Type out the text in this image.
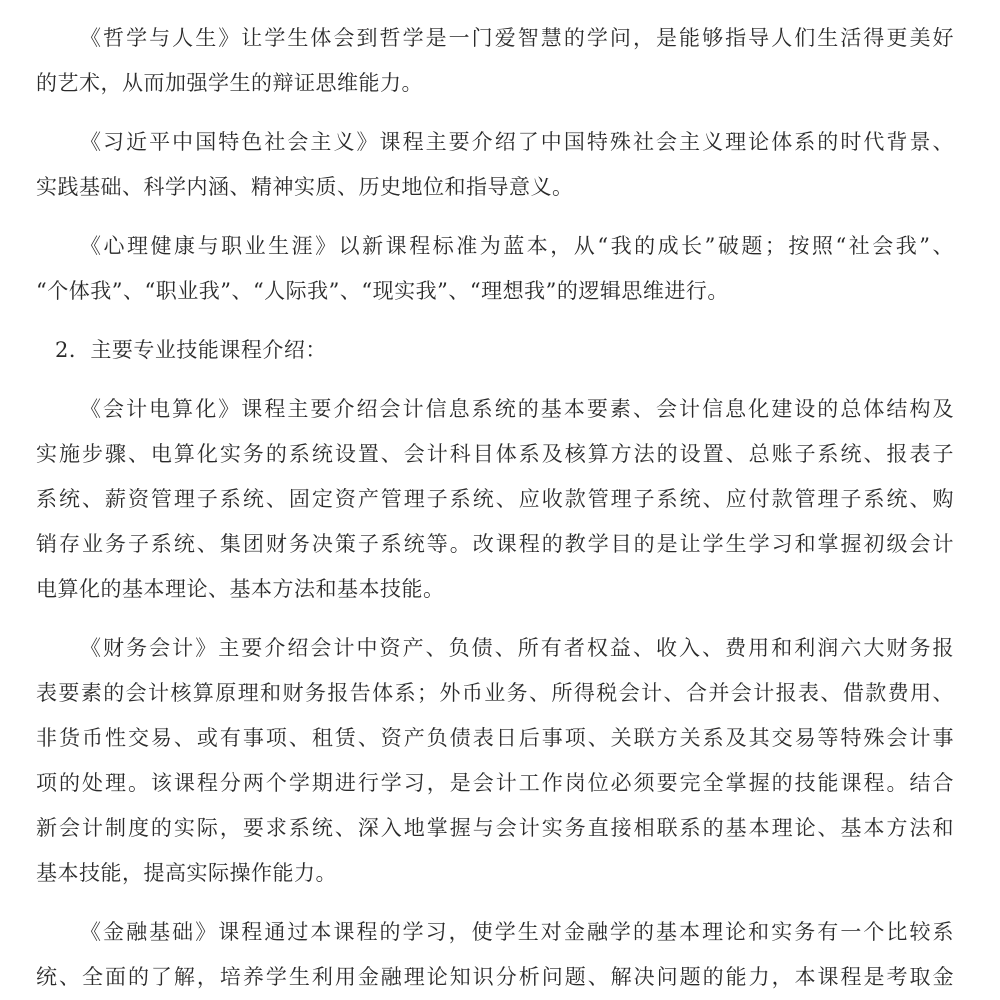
《哲学与人生》让学生体会到哲学是一门爱智慧的学问，是能够指导人们生活得更美好
的艺术，从而加强学生的辩证思维能力。
《习近平中国特色社会主义》课程主要介绍了中国特殊社会主义理论体系的时代背景、
实践基础、科学内涵、精神实质、历史地位和指导意义。
《心理健康与职业生涯》以新课程标准为蓝本，从“我的成长”破题；按照“社会我”、
“个体我”、“职业我”、“人际我”、“现实我”、“理想我”的逻辑思维进行。
2．主要专业技能课程介绍：
《会计电算化》课程主要介绍会计信息系统的基本要素、会计信息化建设的总体结构及
实施步骤、电算化实务的系统设置、会计科目体系及核算方法的设置、总账子系统、报表子
系统、薪资管理子系统、固定资产管理子系统、应收款管理子系统、应付款管理子系统、购
销存业务子系统、集团财务决策子系统等。改课程的教学目的是让学生学习和掌握初级会计
电算化的基本理论、基本方法和基本技能。
《财务会计》主要介绍会计中资产、负债、所有者权益、收入、费用和利润六大财务报
表要素的会计核算原理和财务报告体系；外币业务、所得税会计、合并会计报表、借款费用、
非货币性交易、或有事项、租赁、资产负债表日后事项、关联方关系及其交易等特殊会计事
项的处理。该课程分两个学期进行学习，是会计工作岗位必须要完全掌握的技能课程。结合
新会计制度的实际，要求系统、深入地掌握与会计实务直接相联系的基本理论、基本方法和
基本技能，提高实际操作能力。
《金融基础》课程通过本课程的学习，使学生对金融学的基本理论和实务有一个比较系
统、全面的了解，培养学生利用金融理论知识分析问题、解决问题的能力，本课程是考取金
